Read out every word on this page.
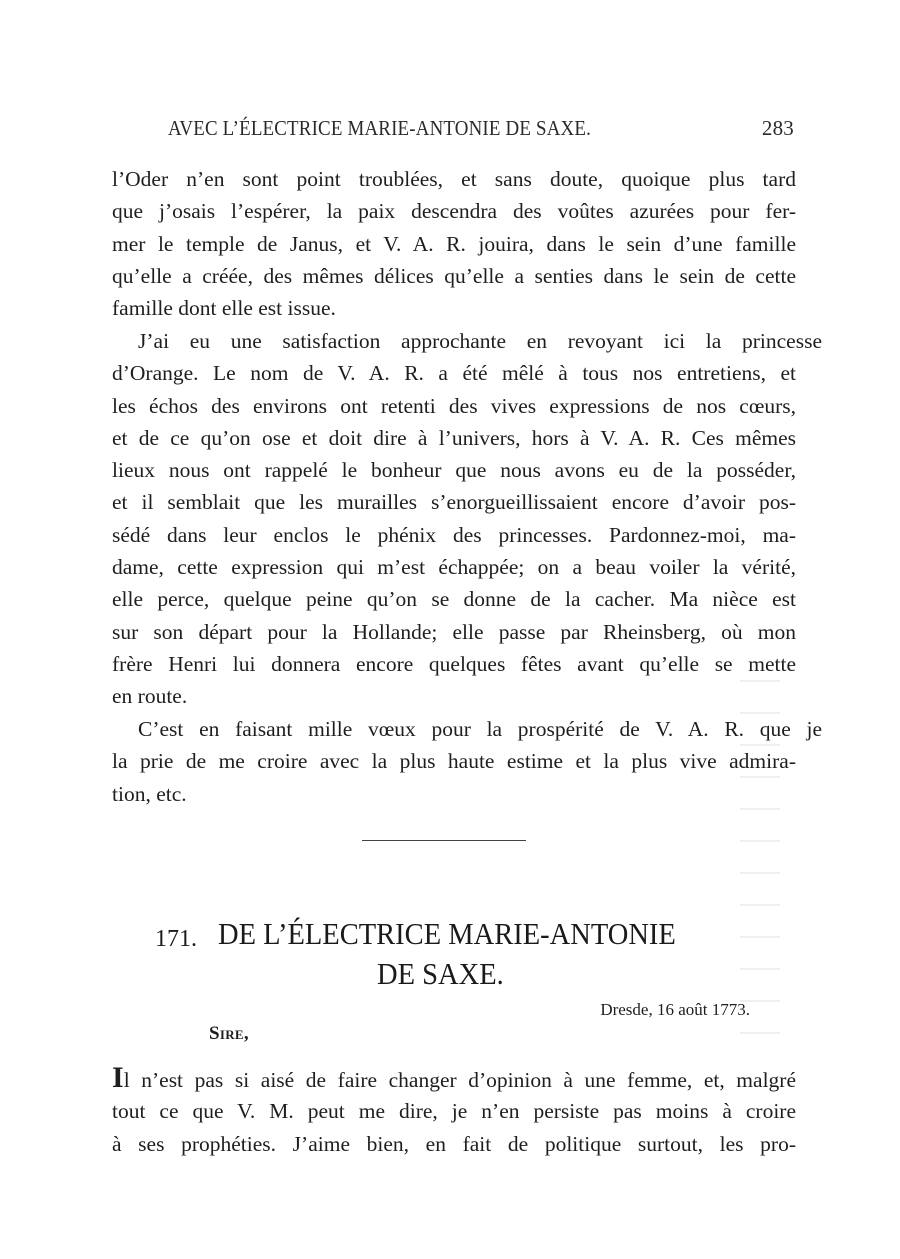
AVEC L’ÉLECTRICE MARIE-ANTONIE DE SAXE.	283
l’Oder n’en sont point troublées, et sans doute, quoique plus tard
que j’osais l’espérer, la paix descendra des voûtes azurées pour fer-
mer le temple de Janus, et V. A. R. jouira, dans le sein d’une famille
qu’elle a créée, des mêmes délices qu’elle a senties dans le sein de cette
famille dont elle est issue.
J’ai eu une satisfaction approchante en revoyant ici la princesse
d’Orange. Le nom de V. A. R. a été mêlé à tous nos entretiens, et
les échos des environs ont retenti des vives expressions de nos cœurs,
et de ce qu’on ose et doit dire à l’univers, hors à V. A. R. Ces mêmes
lieux nous ont rappelé le bonheur que nous avons eu de la posséder,
et il semblait que les murailles s’enorgueillissaient encore d’avoir pos-
sédé dans leur enclos le phénix des princesses. Pardonnez-moi, ma-
dame, cette expression qui m’est échappée; on a beau voiler la vérité,
elle perce, quelque peine qu’on se donne de la cacher. Ma nièce est
sur son départ pour la Hollande; elle passe par Rheinsberg, où mon
frère Henri lui donnera encore quelques fêtes avant qu’elle se mette
en route.
C’est en faisant mille vœux pour la prospérité de V. A. R. que je
la prie de me croire avec la plus haute estime et la plus vive admira-
tion, etc.
171. DE L’ÉLECTRICE MARIE-ANTONIE
DE SAXE.
Dresde, 16 août 1773.
Sire,
Il n’est pas si aisé de faire changer d’opinion à une femme, et, malgré
tout ce que V. M. peut me dire, je n’en persiste pas moins à croire
à ses prophéties. J’aime bien, en fait de politique surtout, les pro-
